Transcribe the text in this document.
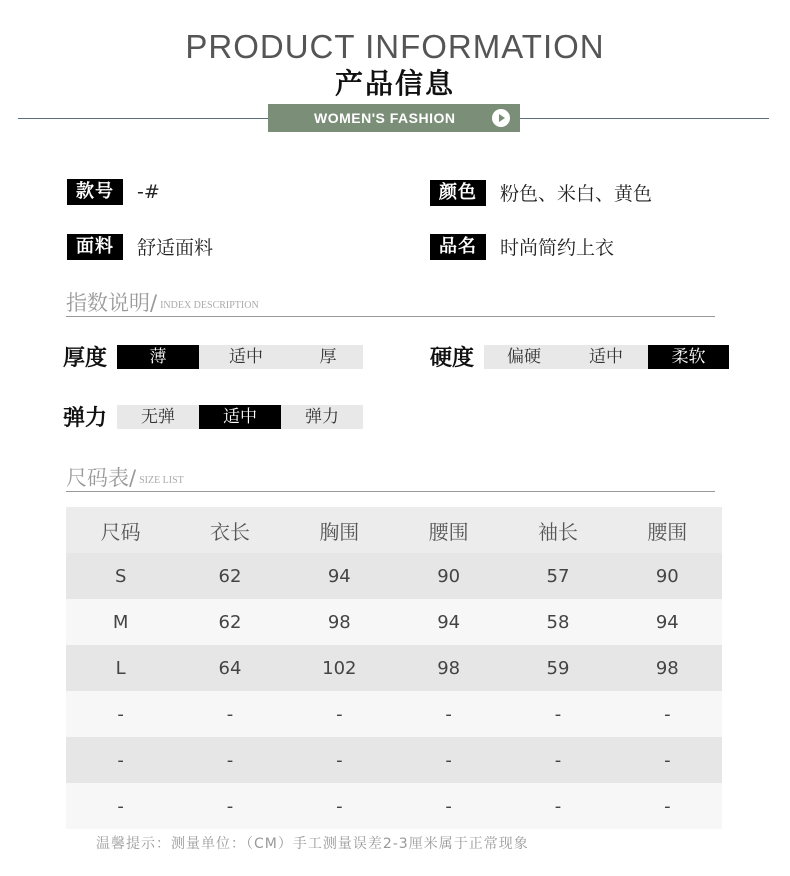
PRODUCT INFORMATION
产品信息
WOMEN'S FASHION
款号	-#	颜色	粉色、米白、黄色
面料	舒适面料	品名	时尚简约上衣
指数说明 / INDEX DESCRIPTION
厚度	薄	适中	厚	硬度	偏硬	适中	柔软
弹力	无弹	适中	弹力
尺码表 / SIZE LIST
尺码	衣长	胸围	腰围	袖长	腰围
S	62	94	90	57	90
M	62	98	94	58	94
L	64	102	98	59	98
-	-	-	-	-	-
-	-	-	-	-	-
-	-	-	-	-	-
温馨提示：测量单位：（CM）手工测量误差2-3厘米属于正常现象
